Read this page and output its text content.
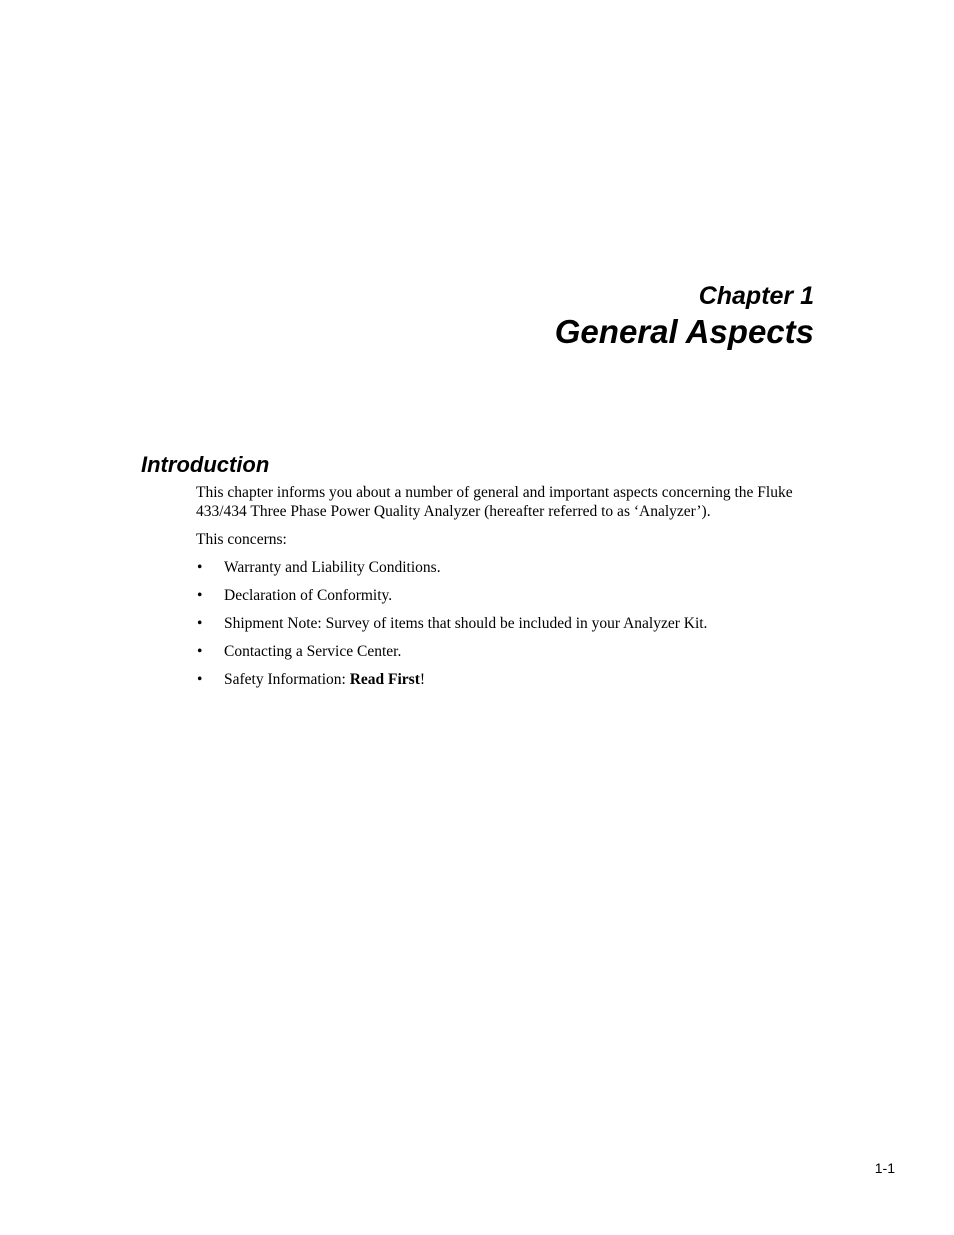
Chapter 1
General Aspects
Introduction

This chapter informs you about a number of general and important aspects concerning the Fluke 433/434 Three Phase Power Quality Analyzer (hereafter referred to as ‘Analyzer’).

This concerns:

• Warranty and Liability Conditions.
• Declaration of Conformity.
• Shipment Note: Survey of items that should be included in your Analyzer Kit.
• Contacting a Service Center.
• Safety Information: Read First!
1-1
